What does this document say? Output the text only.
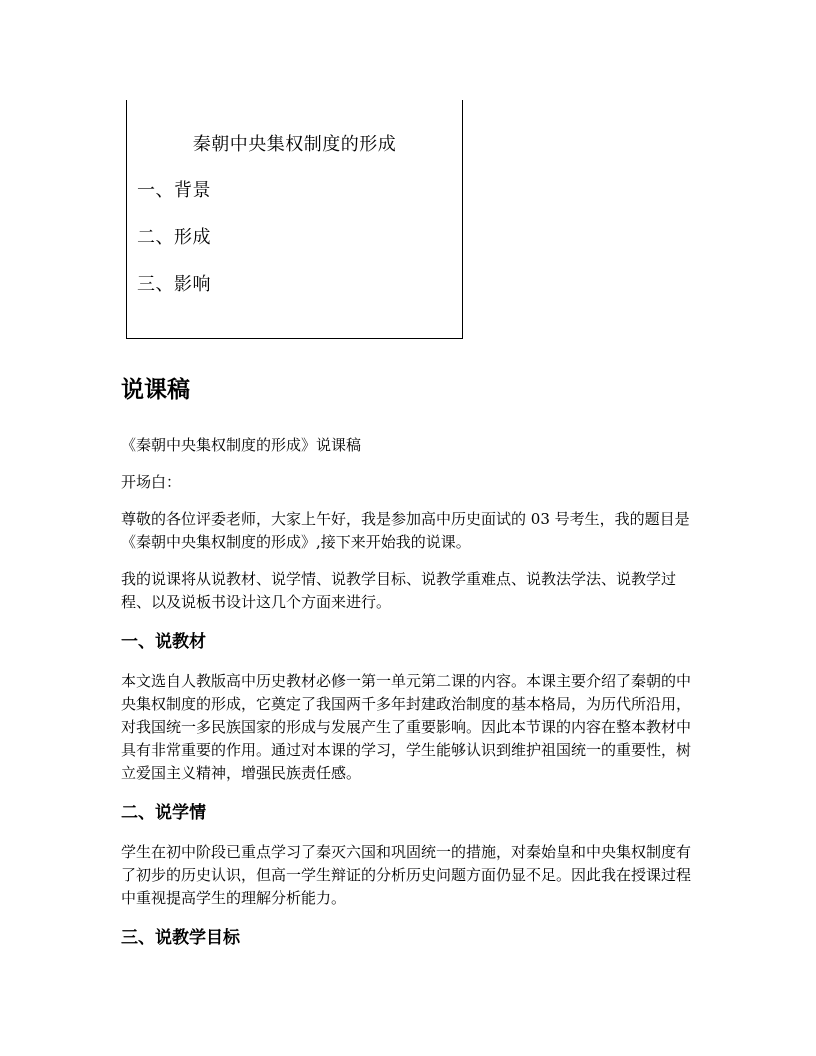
秦朝中央集权制度的形成
一、背景
二、形成
三、影响
说课稿

《秦朝中央集权制度的形成》说课稿

开场白：

尊敬的各位评委老师，大家上午好，我是参加高中历史面试的 03 号考生，我的题目是《秦朝中央集权制度的形成》,接下来开始我的说课。

我的说课将从说教材、说学情、说教学目标、说教学重难点、说教法学法、说教学过程、以及说板书设计这几个方面来进行。

一、说教材

本文选自人教版高中历史教材必修一第一单元第二课的内容。本课主要介绍了秦朝的中央集权制度的形成，它奠定了我国两千多年封建政治制度的基本格局，为历代所沿用，对我国统一多民族国家的形成与发展产生了重要影响。因此本节课的内容在整本教材中具有非常重要的作用。通过对本课的学习，学生能够认识到维护祖国统一的重要性，树立爱国主义精神，增强民族责任感。

二、说学情

学生在初中阶段已重点学习了秦灭六国和巩固统一的措施，对秦始皇和中央集权制度有了初步的历史认识，但高一学生辩证的分析历史问题方面仍显不足。因此我在授课过程中重视提高学生的理解分析能力。

三、说教学目标
